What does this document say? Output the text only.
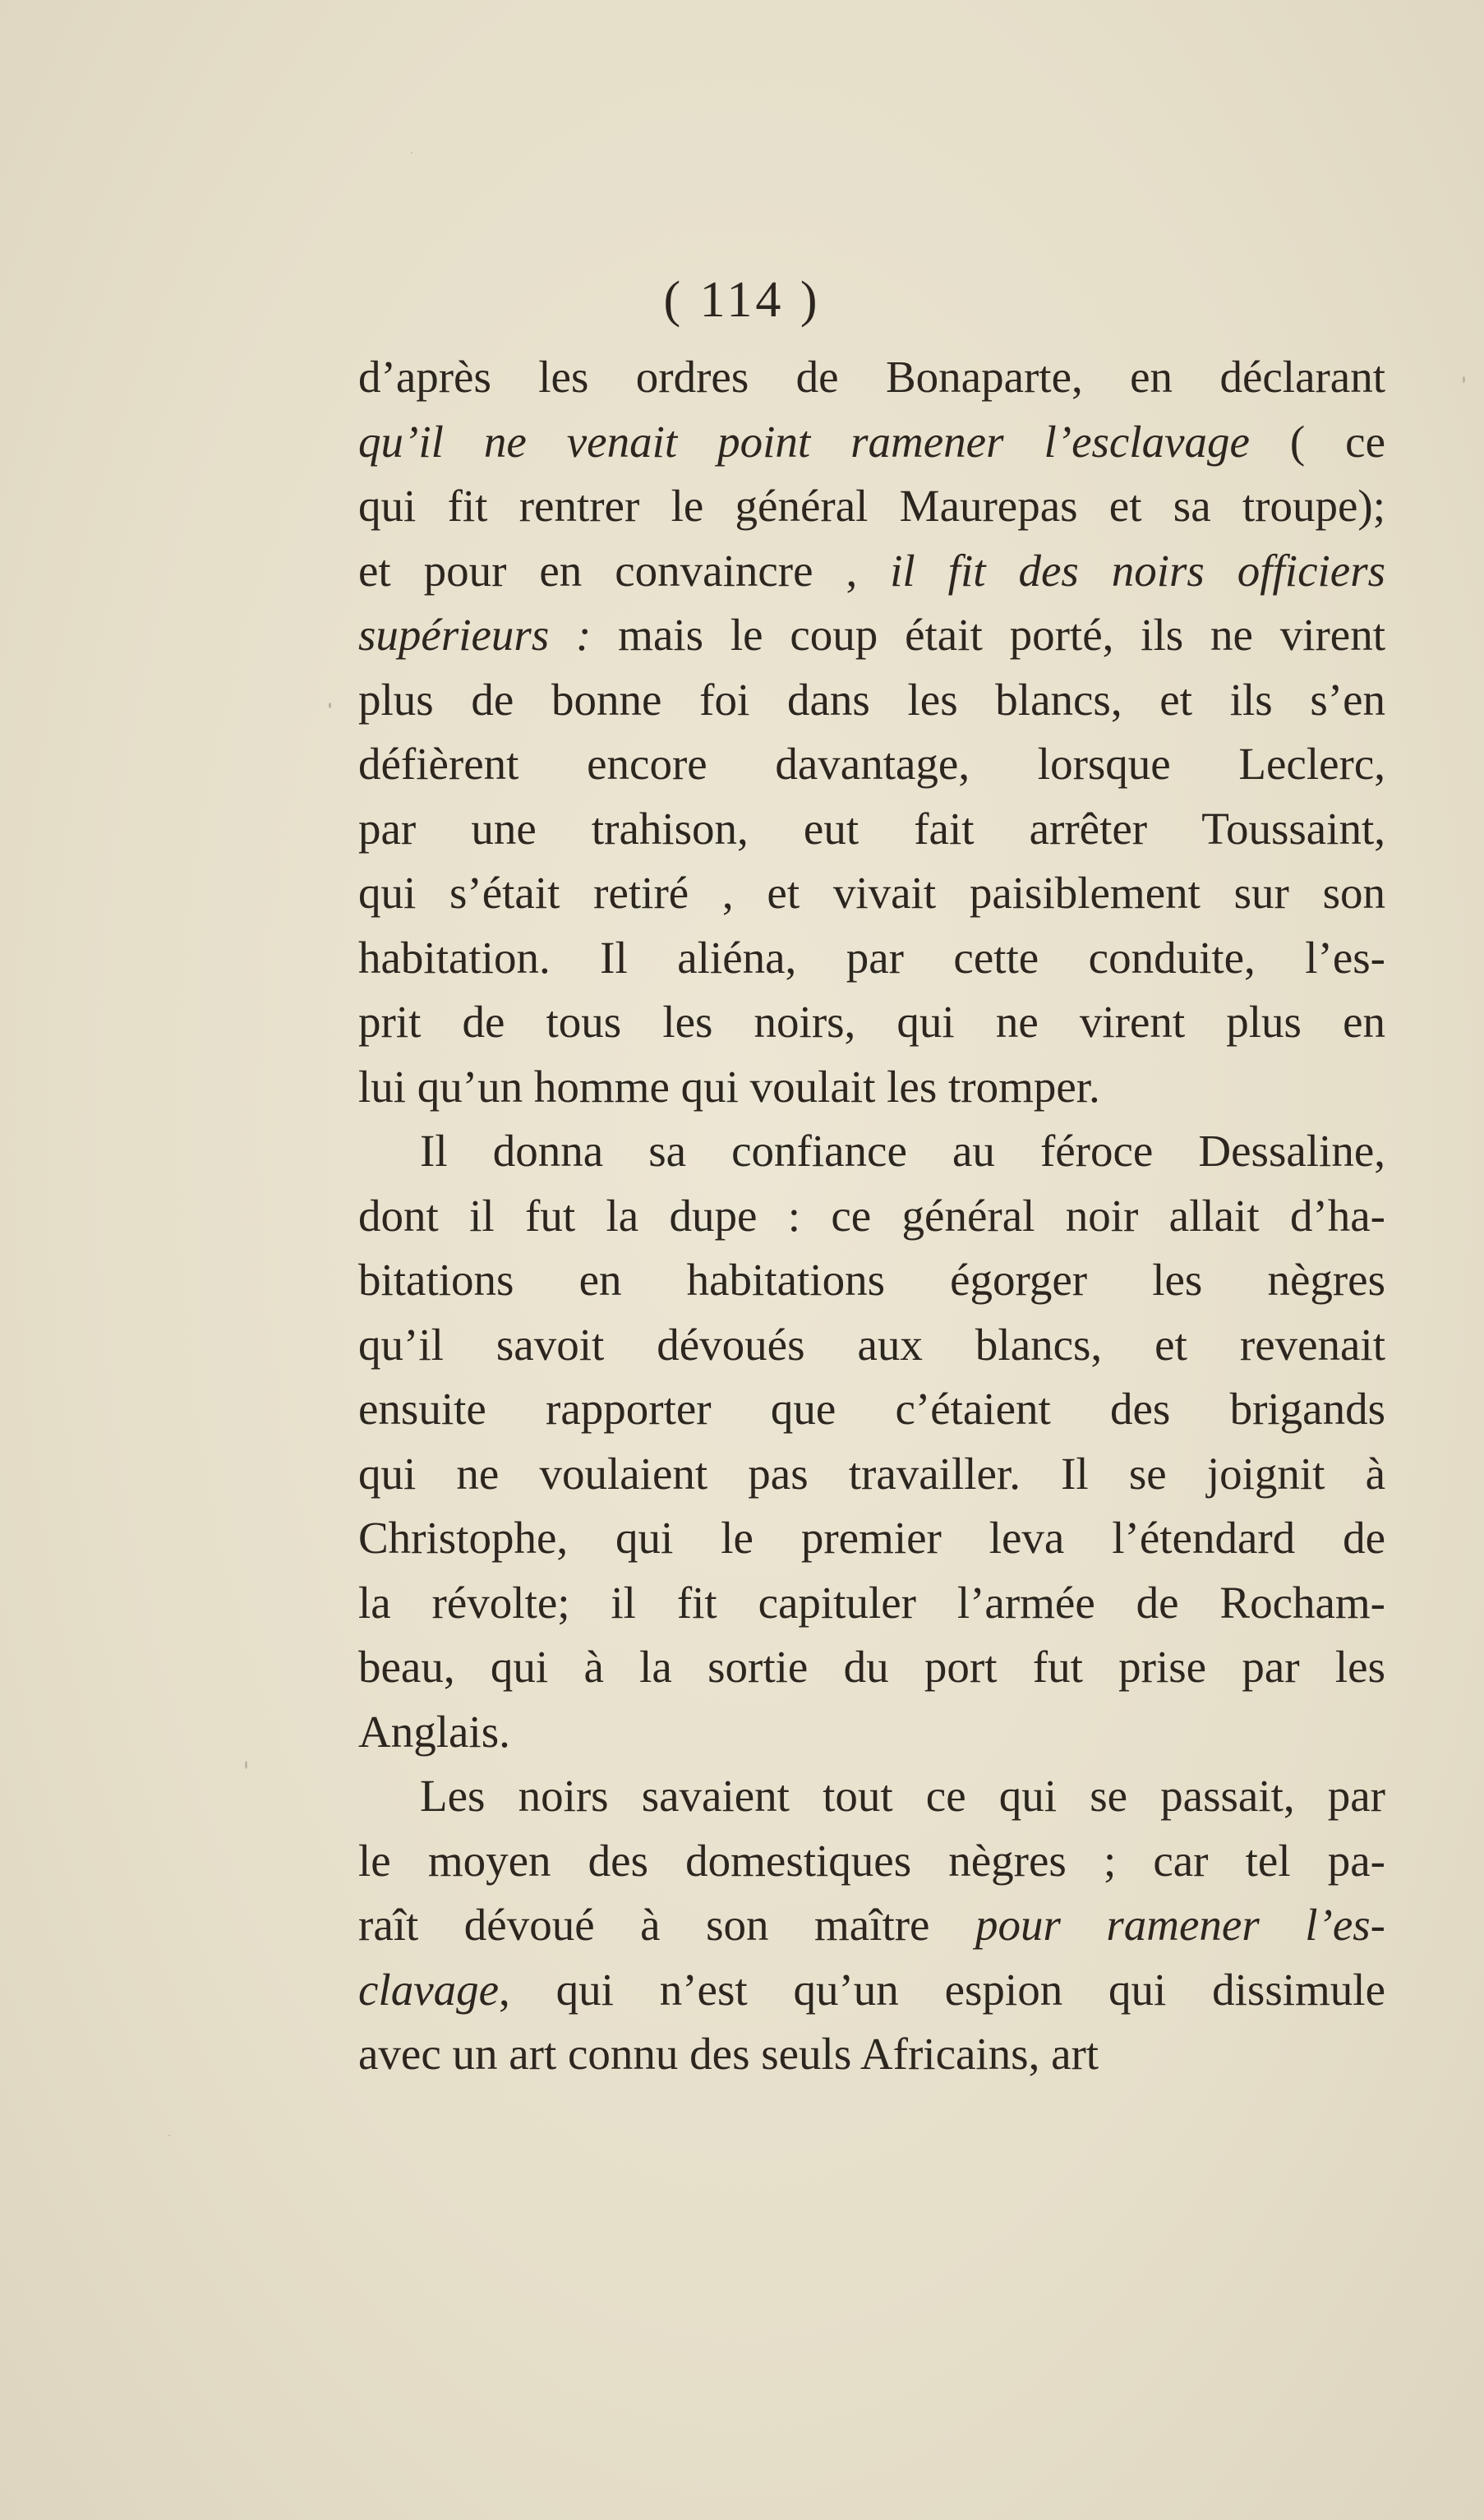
( 114 )
d’après les ordres de Bonaparte, en déclarant
qu’il ne venait point ramener l’esclavage ( ce
qui fit rentrer le général Maurepas et sa troupe);
et pour en convaincre , il fit des noirs officiers
supérieurs : mais le coup était porté, ils ne virent
plus de bonne foi dans les blancs, et ils s’en
défièrent encore davantage, lorsque Leclerc,
par une trahison, eut fait arrêter Toussaint,
qui s’était retiré , et vivait paisiblement sur son
habitation. Il aliéna, par cette conduite, l’es-
prit de tous les noirs, qui ne virent plus en
lui qu’un homme qui voulait les tromper.
Il donna sa confiance au féroce Dessaline,
dont il fut la dupe : ce général noir allait d’ha-
bitations en habitations égorger les nègres
qu’il savoit dévoués aux blancs, et revenait
ensuite rapporter que c’étaient des brigands
qui ne voulaient pas travailler. Il se joignit à
Christophe, qui le premier leva l’étendard de
la révolte; il fit capituler l’armée de Rocham-
beau, qui à la sortie du port fut prise par les
Anglais.
Les noirs savaient tout ce qui se passait, par
le moyen des domestiques nègres ; car tel pa-
raît dévoué à son maître pour ramener l’es-
clavage, qui n’est qu’un espion qui dissimule
avec un art connu des seuls Africains, art
